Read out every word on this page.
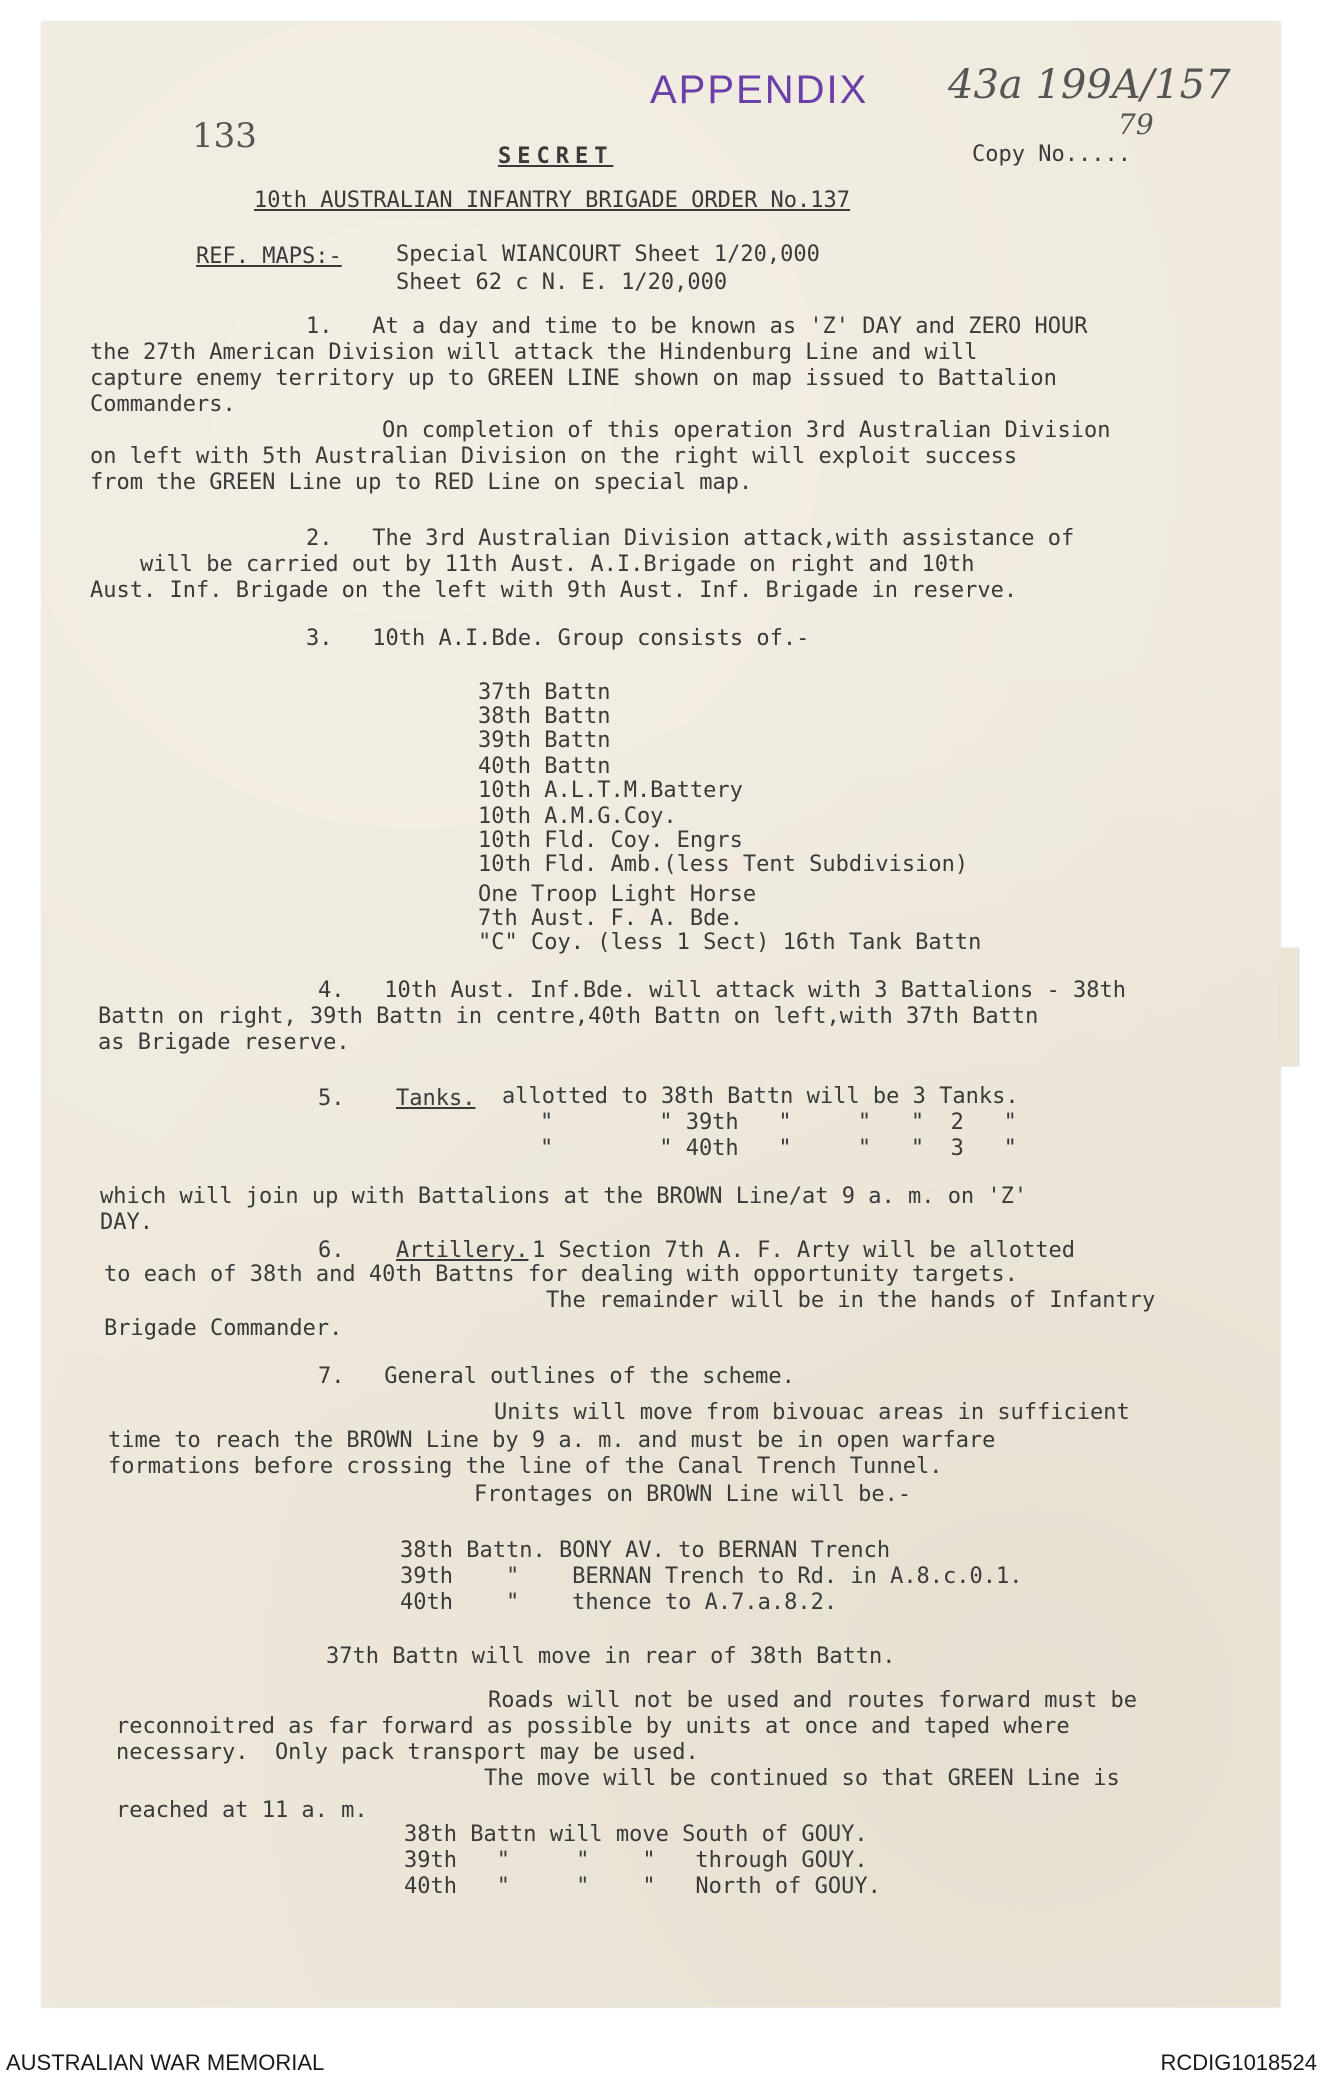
APPENDIX 43a 199A/157
79
133
SECRET	Copy No.....
10th AUSTRALIAN INFANTRY BRIGADE ORDER No.137
REF. MAPS:- Special WIANCOURT Sheet 1/20,000
Sheet 62 c N. E. 1/20,000
1.   At a day and time to be known as 'Z' DAY and ZERO HOUR
the 27th American Division will attack the Hindenburg Line and will
capture enemy territory up to GREEN LINE shown on map issued to Battalion
Commanders.
On completion of this operation 3rd Australian Division
on left with 5th Australian Division on the right will exploit success
from the GREEN Line up to RED Line on special map.
2.   The 3rd Australian Division attack,with assistance of
will be carried out by 11th Aust. A.I.Brigade on right and 10th
Aust. Inf. Brigade on the left with 9th Aust. Inf. Brigade in reserve.
3.   10th A.I.Bde. Group consists of.-
37th Battn
38th Battn
39th Battn
40th Battn
10th A.L.T.M.Battery
10th A.M.G.Coy.
10th Fld. Coy. Engrs
10th Fld. Amb.(less Tent Subdivision)
One Troop Light Horse
7th Aust. F. A. Bde.
"C" Coy. (less 1 Sect) 16th Tank Battn
4.   10th Aust. Inf.Bde. will attack with 3 Battalions - 38th
Battn on right, 39th Battn in centre,40th Battn on left,with 37th Battn
as Brigade reserve.
5. Tanks. allotted to 38th Battn will be 3 Tanks.
"        " 39th   "     "   "  2   "
"        " 40th   "     "   "  3   "
which will join up with Battalions at the BROWN Line/at 9 a. m. on 'Z'
DAY.
6. Artillery. 1 Section 7th A. F. Arty will be allotted
to each of 38th and 40th Battns for dealing with opportunity targets.
The remainder will be in the hands of Infantry
Brigade Commander.
7.   General outlines of the scheme.
Units will move from bivouac areas in sufficient
time to reach the BROWN Line by 9 a. m. and must be in open warfare
formations before crossing the line of the Canal Trench Tunnel.
Frontages on BROWN Line will be.-
38th Battn. BONY AV. to BERNAN Trench
39th    "    BERNAN Trench to Rd. in A.8.c.0.1.
40th    "    thence to A.7.a.8.2.
37th Battn will move in rear of 38th Battn.
Roads will not be used and routes forward must be
reconnoitred as far forward as possible by units at once and taped where
necessary.  Only pack transport may be used.
The move will be continued so that GREEN Line is
reached at 11 a. m.
38th Battn will move South of GOUY.
39th   "     "    "   through GOUY.
40th   "     "    "   North of GOUY.
AUSTRALIAN WAR MEMORIAL	RCDIG1018524
